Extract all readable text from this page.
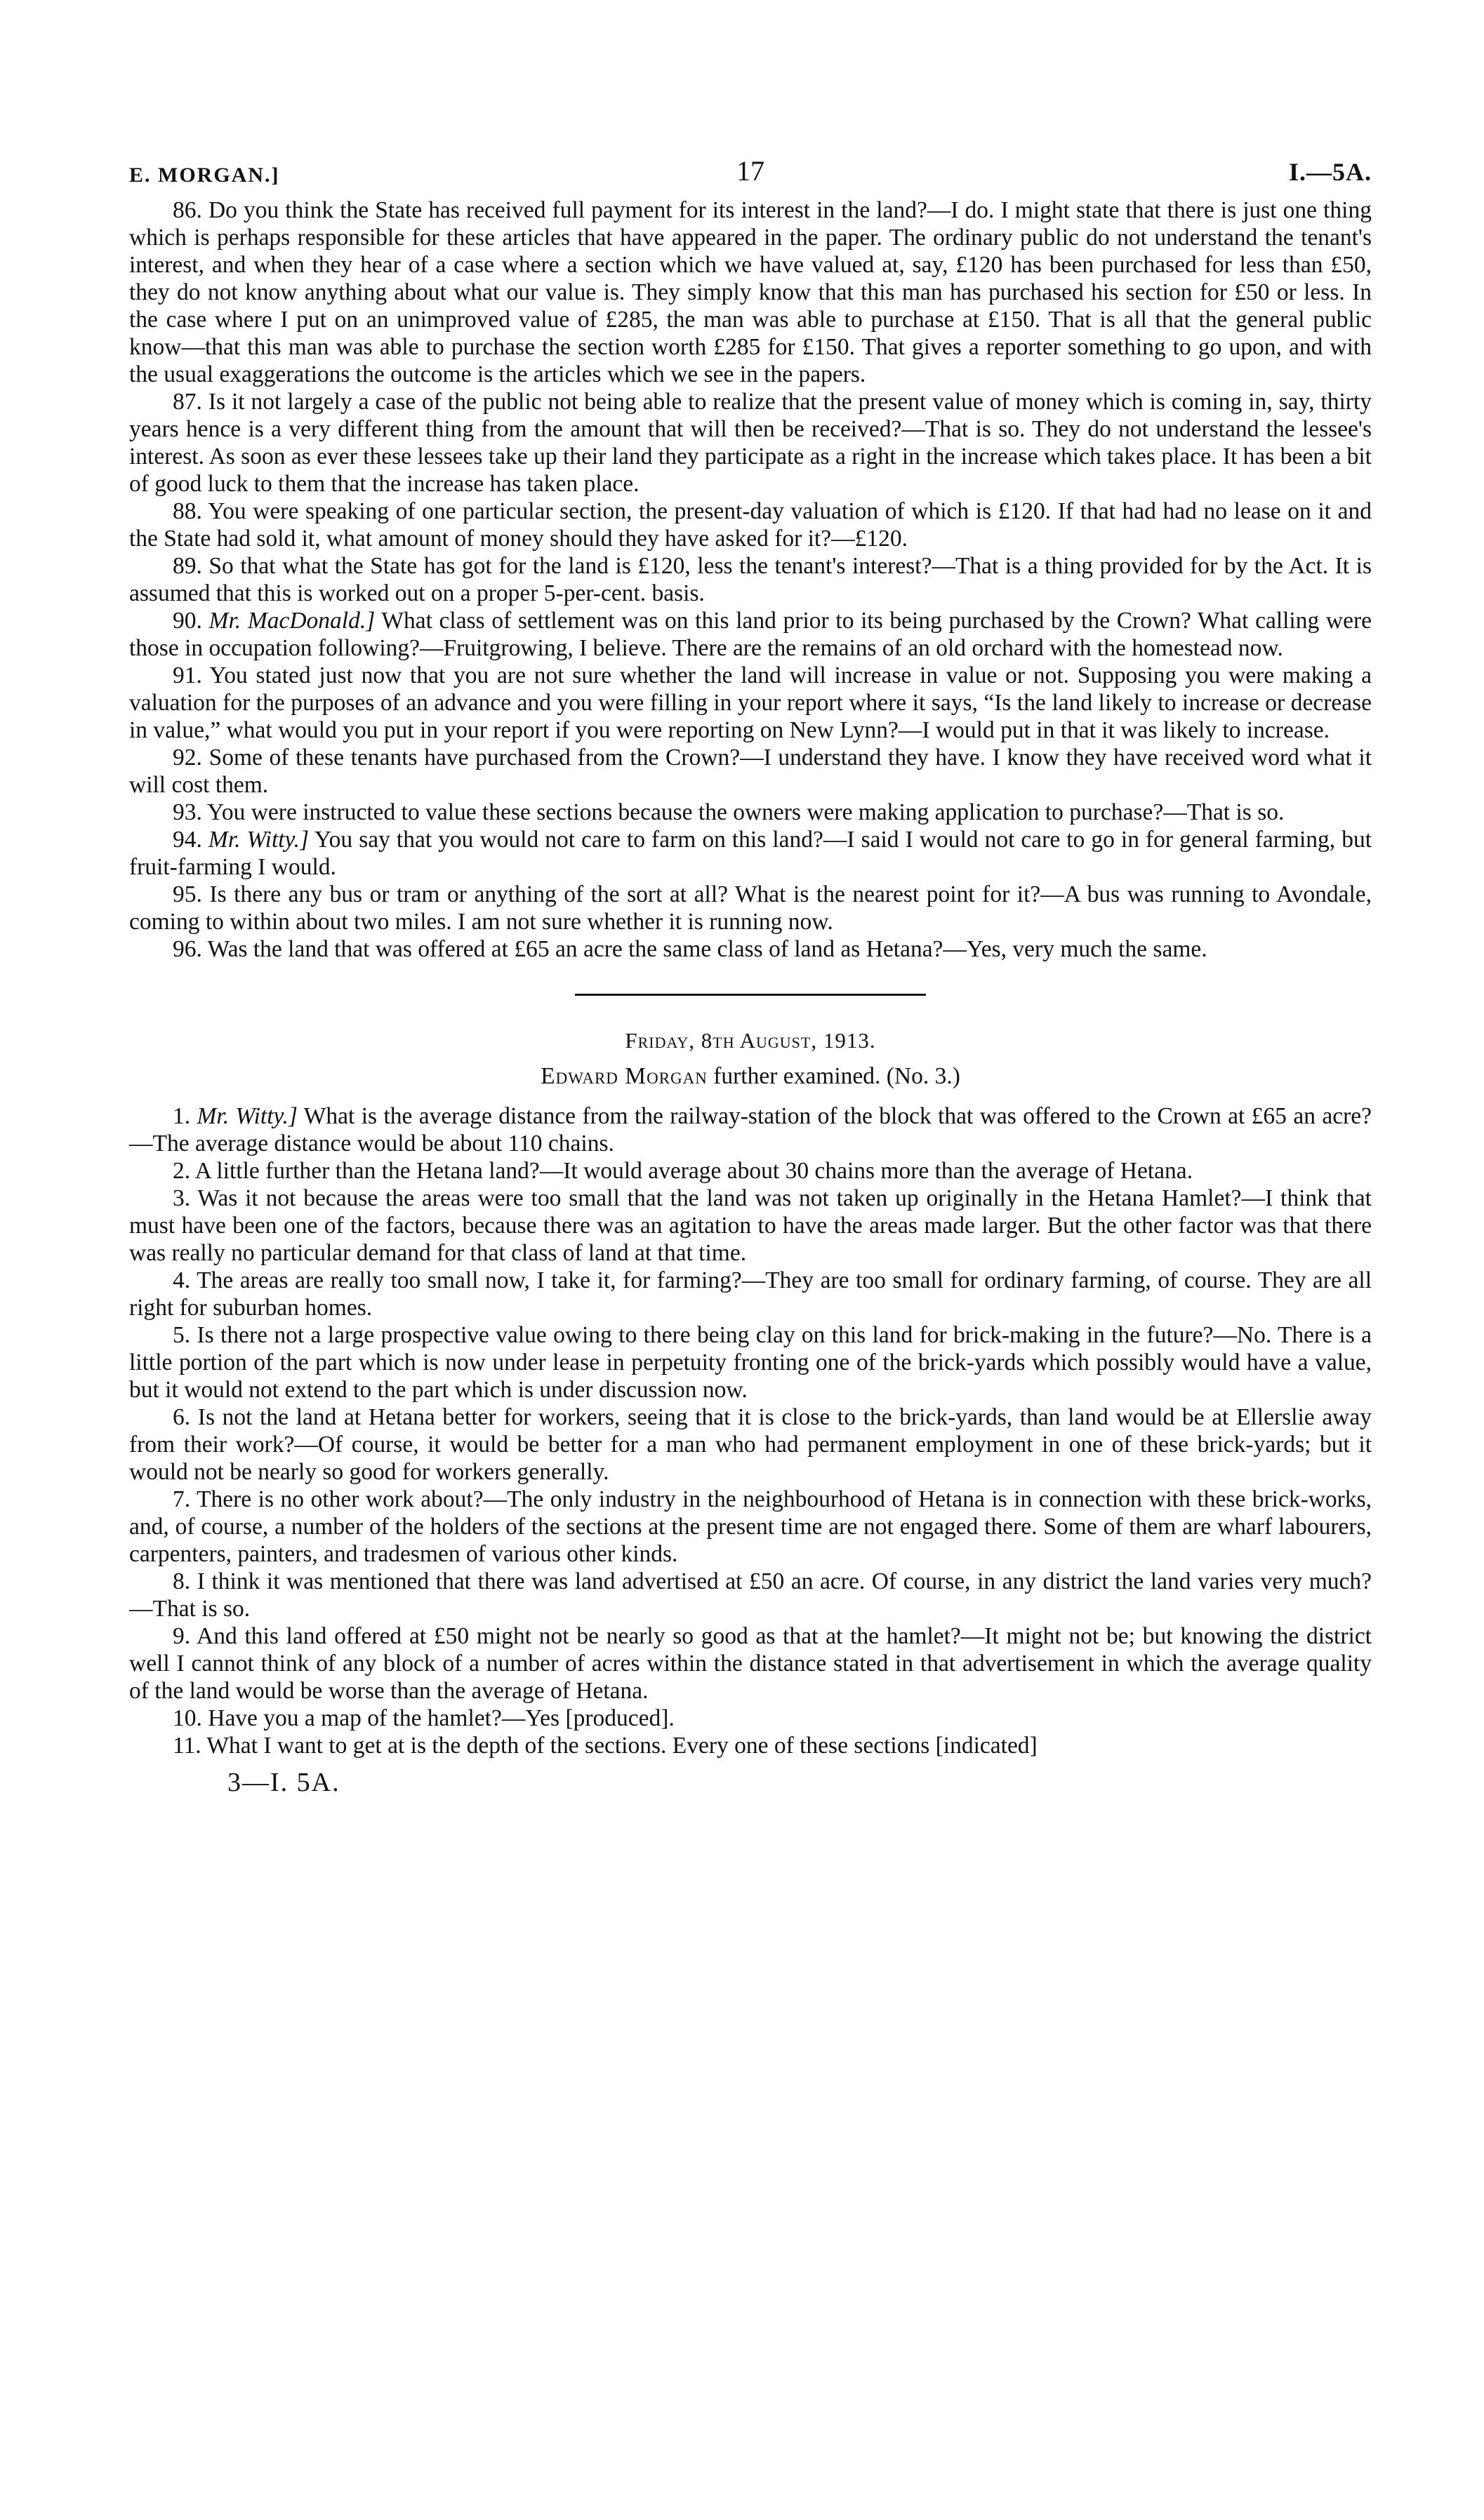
E. MORGAN.]	17	I.—5A.

86. Do you think the State has received full payment for its interest in the land?—I do. I might state that there is just one thing which is perhaps responsible for these articles that have appeared in the paper. The ordinary public do not understand the tenant's interest, and when they hear of a case where a section which we have valued at, say, £120 has been purchased for less than £50, they do not know anything about what our value is. They simply know that this man has purchased his section for £50 or less. In the case where I put on an unimproved value of £285, the man was able to purchase at £150. That is all that the general public know—that this man was able to purchase the section worth £285 for £150. That gives a reporter something to go upon, and with the usual exaggerations the outcome is the articles which we see in the papers.

87. Is it not largely a case of the public not being able to realize that the present value of money which is coming in, say, thirty years hence is a very different thing from the amount that will then be received?—That is so. They do not understand the lessee's interest. As soon as ever these lessees take up their land they participate as a right in the increase which takes place. It has been a bit of good luck to them that the increase has taken place.

88. You were speaking of one particular section, the present-day valuation of which is £120. If that had had no lease on it and the State had sold it, what amount of money should they have asked for it?—£120.

89. So that what the State has got for the land is £120, less the tenant's interest?—That is a thing provided for by the Act. It is assumed that this is worked out on a proper 5-per-cent. basis.

90. Mr. MacDonald.] What class of settlement was on this land prior to its being purchased by the Crown? What calling were those in occupation following?—Fruitgrowing, I believe. There are the remains of an old orchard with the homestead now.

91. You stated just now that you are not sure whether the land will increase in value or not. Supposing you were making a valuation for the purposes of an advance and you were filling in your report where it says, “Is the land likely to increase or decrease in value,” what would you put in your report if you were reporting on New Lynn?—I would put in that it was likely to increase.

92. Some of these tenants have purchased from the Crown?—I understand they have. I know they have received word what it will cost them.

93. You were instructed to value these sections because the owners were making application to purchase?—That is so.

94. Mr. Witty.] You say that you would not care to farm on this land?—I said I would not care to go in for general farming, but fruit-farming I would.

95. Is there any bus or tram or anything of the sort at all? What is the nearest point for it?—A bus was running to Avondale, coming to within about two miles. I am not sure whether it is running now.

96. Was the land that was offered at £65 an acre the same class of land as Hetana?—Yes, very much the same.

Friday, 8th August, 1913.
Edward Morgan further examined. (No. 3.)

1. Mr. Witty.] What is the average distance from the railway-station of the block that was offered to the Crown at £65 an acre?—The average distance would be about 110 chains.

2. A little further than the Hetana land?—It would average about 30 chains more than the average of Hetana.

3. Was it not because the areas were too small that the land was not taken up originally in the Hetana Hamlet?—I think that must have been one of the factors, because there was an agitation to have the areas made larger. But the other factor was that there was really no particular demand for that class of land at that time.

4. The areas are really too small now, I take it, for farming?—They are too small for ordinary farming, of course. They are all right for suburban homes.

5. Is there not a large prospective value owing to there being clay on this land for brick-making in the future?—No. There is a little portion of the part which is now under lease in perpetuity fronting one of the brick-yards which possibly would have a value, but it would not extend to the part which is under discussion now.

6. Is not the land at Hetana better for workers, seeing that it is close to the brick-yards, than land would be at Ellerslie away from their work?—Of course, it would be better for a man who had permanent employment in one of these brick-yards; but it would not be nearly so good for workers generally.

7. There is no other work about?—The only industry in the neighbourhood of Hetana is in connection with these brick-works, and, of course, a number of the holders of the sections at the present time are not engaged there. Some of them are wharf labourers, carpenters, painters, and tradesmen of various other kinds.

8. I think it was mentioned that there was land advertised at £50 an acre. Of course, in any district the land varies very much?—That is so.

9. And this land offered at £50 might not be nearly so good as that at the hamlet?—It might not be; but knowing the district well I cannot think of any block of a number of acres within the distance stated in that advertisement in which the average quality of the land would be worse than the average of Hetana.

10. Have you a map of the hamlet?—Yes [produced].

11. What I want to get at is the depth of the sections. Every one of these sections [indicated]

3—I. 5A.
